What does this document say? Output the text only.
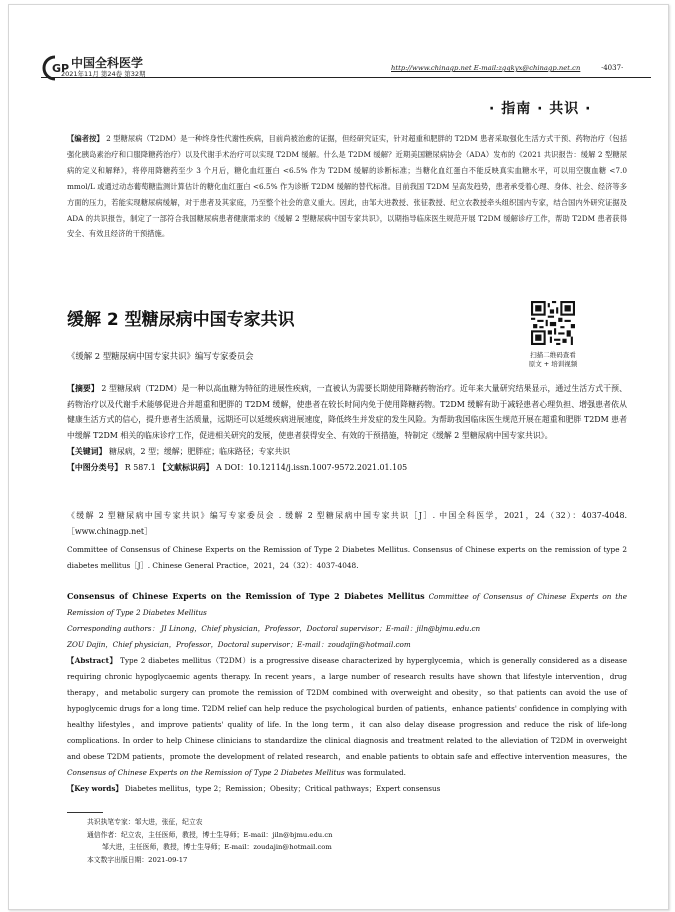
GP 中国全科医学
2021年11月 第24卷 第32期
http://www.chinagp.net E-mail:zgqkyx@chinagp.net.cn	·4037·
· 指南 · 共识 ·
【编者按】 2 型糖尿病（T2DM）是一种终身性代谢性疾病，目前尚被治愈的证据，但经研究证实，针对超重和肥胖的 T2DM 患者采取强化生活方式干预、药物治疗（包括强化胰岛素治疗和口服降糖药治疗）以及代谢手术治疗可以实现 T2DM 缓解。什么是 T2DM 缓解？近期美国糖尿病协会（ADA）发布的《2021 共识报告：缓解 2 型糖尿病的定义和解释》，将停用降糖药至少 3 个月后，糖化血红蛋白 <6.5% 作为 T2DM 缓解的诊断标准；当糖化血红蛋白不能反映真实血糖水平，可以用空腹血糖 <7.0 mmol/L 或通过动态葡萄糖监测计算估计的糖化血红蛋白 <6.5% 作为诊断 T2DM 缓解的替代标准。目前我国 T2DM 呈高发趋势，患者承受着心理、身体、社会、经济等多方面的压力，若能实现糖尿病缓解，对于患者及其家庭，乃至整个社会的意义重大。因此，由邹大进教授、张征教授、纪立农教授牵头组织国内专家，结合国内外研究证据及 ADA 的共识报告，制定了一部符合我国糖尿病患者健康需求的《缓解 2 型糖尿病中国专家共识》，以期指导临床医生规范开展 T2DM 缓解诊疗工作，帮助 T2DM 患者获得安全、有效且经济的干预措施。
缓解 2 型糖尿病中国专家共识
《缓解 2 型糖尿病中国专家共识》编写专家委员会	扫描二维码查看
原文 + 培训视频
【摘要】 2 型糖尿病（T2DM）是一种以高血糖为特征的进展性疾病，一直被认为需要长期使用降糖药物治疗。近年来大量研究结果显示，通过生活方式干预、药物治疗以及代谢手术能够促进合并超重和肥胖的 T2DM 缓解，使患者在较长时间内免于使用降糖药物。T2DM 缓解有助于减轻患者心理负担、增强患者依从健康生活方式的信心，提升患者生活质量，远期还可以延缓疾病进展速度，降低终生并发症的发生风险。为帮助我国临床医生规范开展在超重和肥胖 T2DM 患者中缓解 T2DM 相关的临床诊疗工作，促进相关研究的发展，使患者获得安全、有效的干预措施，特制定《缓解 2 型糖尿病中国专家共识》。
【关键词】 糖尿病，2 型；缓解；肥胖症；临床路径；专家共识
【中图分类号】 R 587.1 【文献标识码】 A DOI：10.12114/j.issn.1007-9572.2021.01.105
《缓解 2 型糖尿病中国专家共识》编写专家委员会 . 缓解 2 型糖尿病中国专家共识［J］. 中国全科医学，2021，24（32）：4037-4048.［www.chinagp.net］
Committee of Consensus of Chinese Experts on the Remission of Type 2 Diabetes Mellitus. Consensus of Chinese experts on the remission of type 2 diabetes mellitus［J］. Chinese General Practice，2021，24（32）：4037-4048.
Consensus of Chinese Experts on the Remission of Type 2 Diabetes Mellitus Committee of Consensus of Chinese Experts on the Remission of Type 2 Diabetes Mellitus
Corresponding authors： JI Linong，Chief physician，Professor，Doctoral supervisor；E-mail：jiln@bjmu.edu.cn
ZOU Dajin，Chief physician，Professor，Doctoral supervisor；E-mail：zoudajin@hotmail.com
【Abstract】 Type 2 diabetes mellitus（T2DM）is a progressive disease characterized by hyperglycemia，which is generally considered as a disease requiring chronic hypoglycaemic agents therapy. In recent years，a large number of research results have shown that lifestyle intervention，drug therapy，and metabolic surgery can promote the remission of T2DM combined with overweight and obesity，so that patients can avoid the use of hypoglycemic drugs for a long time. T2DM relief can help reduce the psychological burden of patients，enhance patients' confidence in complying with healthy lifestyles，and improve patients' quality of life. In the long term，it can also delay disease progression and reduce the risk of life-long complications. In order to help Chinese clinicians to standardize the clinical diagnosis and treatment related to the alleviation of T2DM in overweight and obese T2DM patients，promote the development of related research，and enable patients to obtain safe and effective intervention measures，the Consensus of Chinese Experts on the Remission of Type 2 Diabetes Mellitus was formulated.
【Key words】 Diabetes mellitus，type 2；Remission；Obesity；Critical pathways；Expert consensus
共识执笔专家：邹大进，张征，纪立农
通信作者：纪立农，主任医师，教授，博士生导师；E-mail：jiln@bjmu.edu.cn
邹大进，主任医师，教授，博士生导师；E-mail：zoudajin@hotmail.com
本文数字出版日期：2021-09-17
